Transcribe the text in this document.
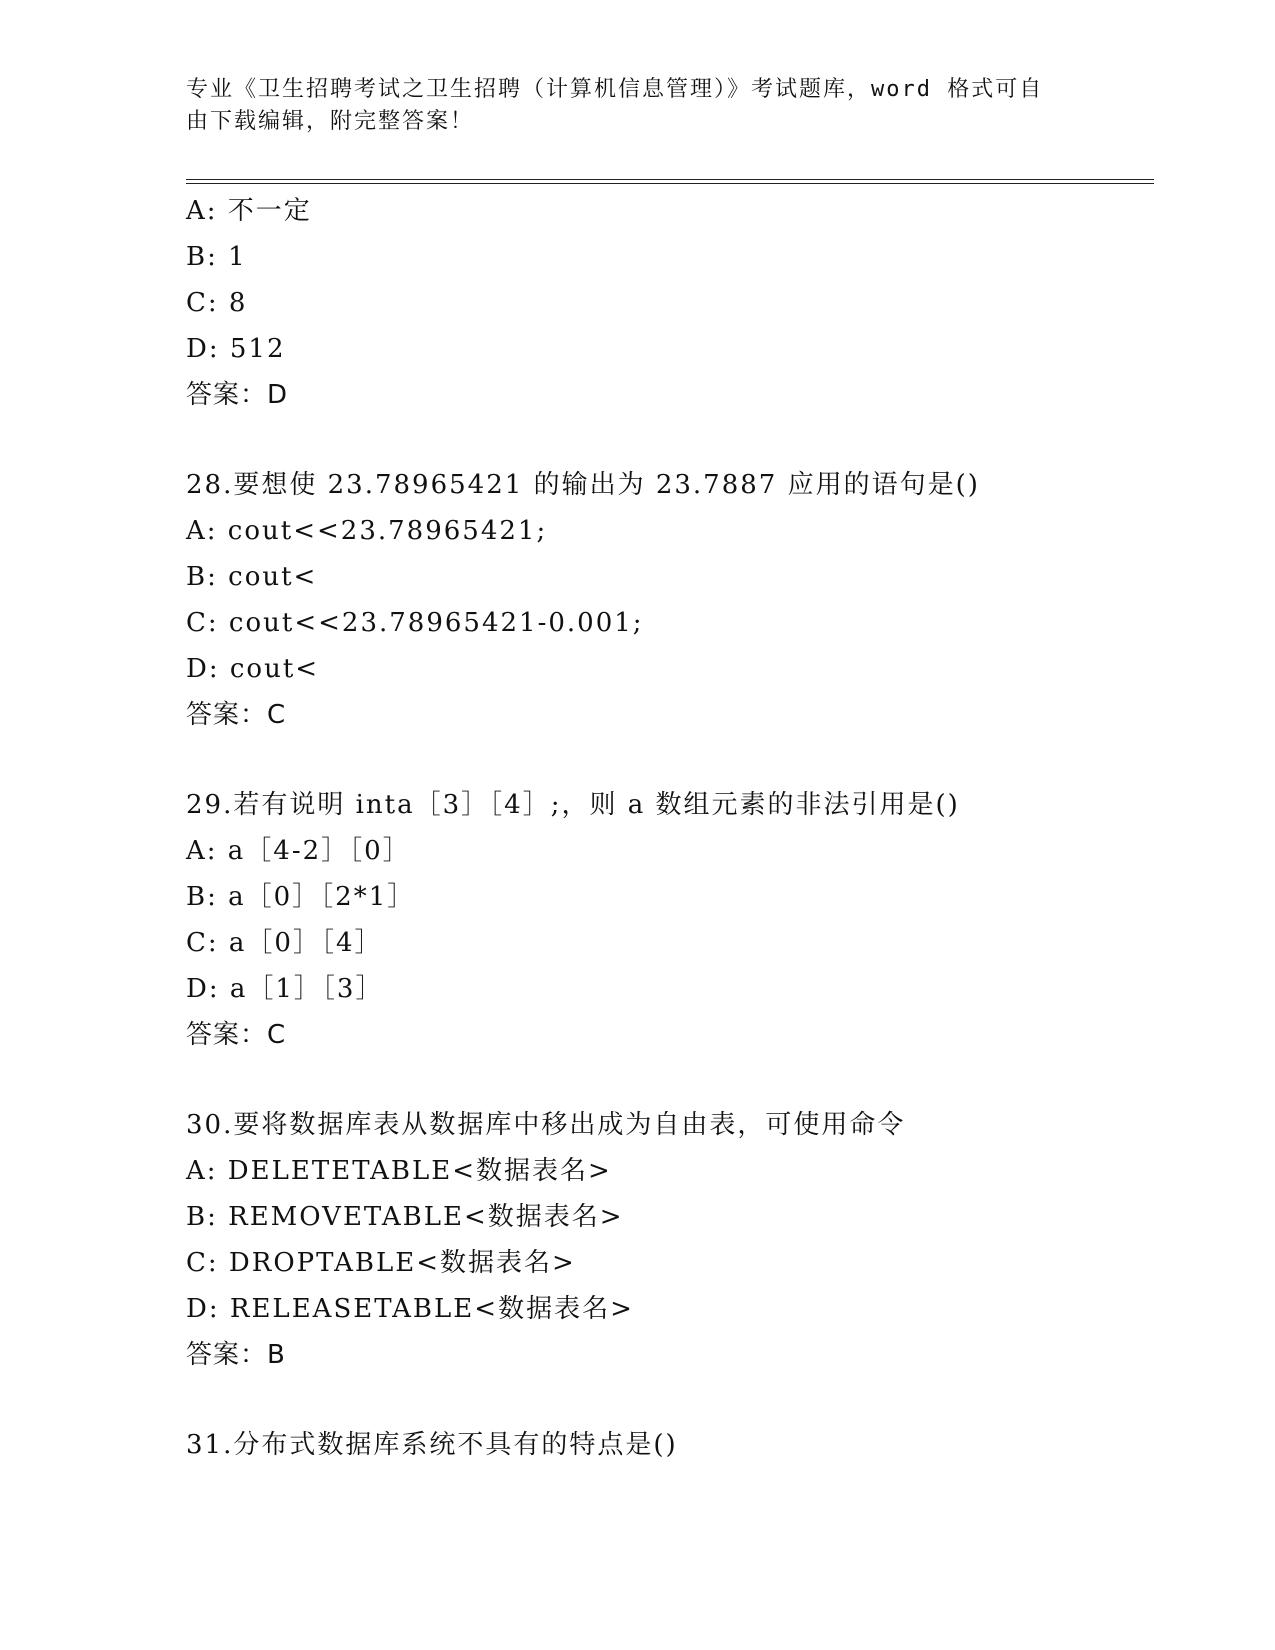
专业《卫生招聘考试之卫生招聘（计算机信息管理）》考试题库，word 格式可自
由下载编辑，附完整答案！
A: 不一定
B: 1
C: 8
D: 512
答案：D
28.要想使 23.78965421 的输出为 23.7887 应用的语句是()
A: cout<<23.78965421;
B: cout<
C: cout<<23.78965421-0.001;
D: cout<
答案：C
29.若有说明 inta［3］［4］;，则 a 数组元素的非法引用是()
A: a［4-2］［0］
B: a［0］［2*1］
C: a［0］［4］
D: a［1］［3］
答案：C
30.要将数据库表从数据库中移出成为自由表，可使用命令
A: DELETETABLE<数据表名>
B: REMOVETABLE<数据表名>
C: DROPTABLE<数据表名>
D: RELEASETABLE<数据表名>
答案：B
31.分布式数据库系统不具有的特点是()
